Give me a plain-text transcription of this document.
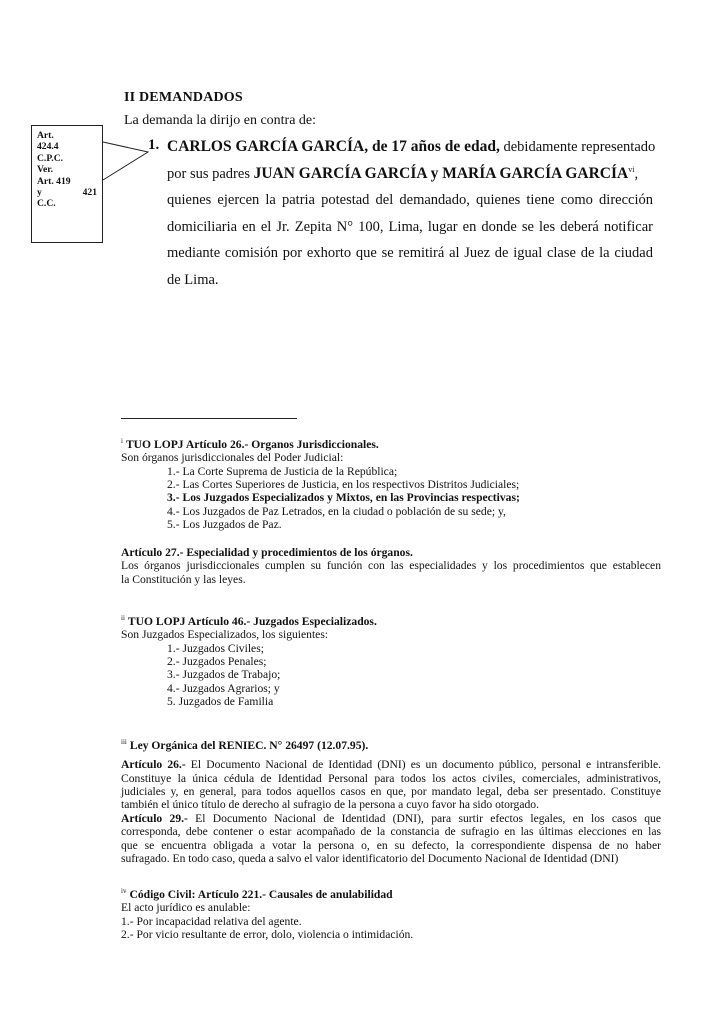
II DEMANDADOS
La demanda la dirijo en contra de:
Art.
424.4
C.P.C.
Ver.
Art. 419
y	421
C.C.
1. CARLOS GARCÍA GARCÍA, de 17 años de edad, debidamente representado
por sus padres JUAN GARCÍA GARCÍA y MARÍA GARCÍA GARCÍA$^{vi}$,
quienes ejercen la patria potestad del demandado, quienes tiene como dirección
domiciliaria en el Jr. Zepita N° 100, Lima, lugar en donde se les deberá notificar
mediante comisión por exhorto que se remitirá al Juez de igual clase de la ciudad
de Lima.
$^i$ TUO LOPJ Artículo 26.- Organos Jurisdiccionales.
Son órganos jurisdiccionales del Poder Judicial:
1.- La Corte Suprema de Justicia de la República;
2.- Las Cortes Superiores de Justicia, en los respectivos Distritos Judiciales;
3.- Los Juzgados Especializados y Mixtos, en las Provincias respectivas;
4.- Los Juzgados de Paz Letrados, en la ciudad o población de su sede; y,
5.- Los Juzgados de Paz.
Artículo 27.- Especialidad y procedimientos de los órganos.
Los órganos jurisdiccionales cumplen su función con las especialidades y los procedimientos que establecen
la Constitución y las leyes.
$^{ii}$ TUO LOPJ Artículo 46.- Juzgados Especializados.
Son Juzgados Especializados, los siguientes:
1.- Juzgados Civiles;
2.- Juzgados Penales;
3.- Juzgados de Trabajo;
4.- Juzgados Agrarios; y
5. Juzgados de Familia
$^{iii}$ Ley Orgánica del RENIEC. N° 26497 (12.07.95).
Artículo 26.- El Documento Nacional de Identidad (DNI) es un documento público, personal e intransferible.
Constituye la única cédula de Identidad Personal para todos los actos civiles, comerciales, administrativos,
judiciales y, en general, para todos aquellos casos en que, por mandato legal, deba ser presentado. Constituye
también el único título de derecho al sufragio de la persona a cuyo favor ha sido otorgado.
Artículo 29.- El Documento Nacional de Identidad (DNI), para surtir efectos legales, en los casos que
corresponda, debe contener o estar acompañado de la constancia de sufragio en las últimas elecciones en las
que se encuentra obligada a votar la persona o, en su defecto, la correspondiente dispensa de no haber
sufragado. En todo caso, queda a salvo el valor identificatorio del Documento Nacional de Identidad (DNI)
$^{iv}$ Código Civil: Artículo 221.- Causales de anulabilidad
El acto jurídico es anulable:
1.- Por incapacidad relativa del agente.
2.- Por vicio resultante de error, dolo, violencia o intimidación.
